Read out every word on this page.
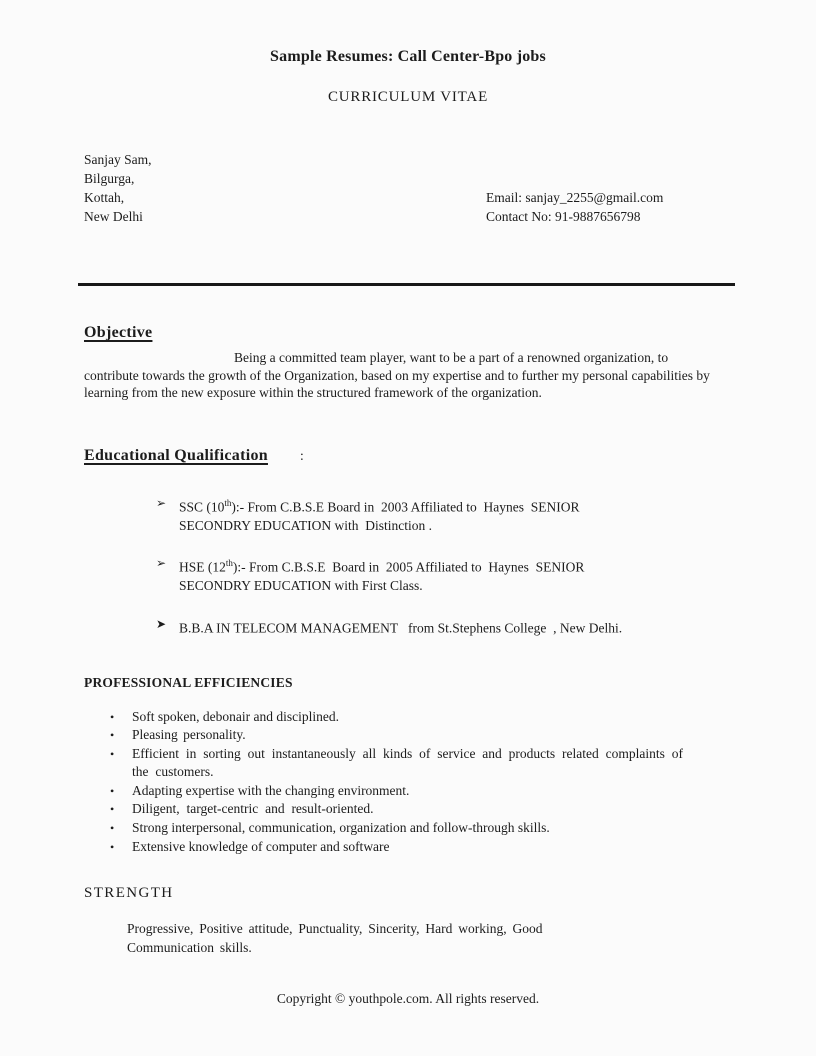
Sample Resumes: Call Center-Bpo jobs
CURRICULUM VITAE
Sanjay Sam,
Bilgurga,
Kottah,
New Delhi
Email: sanjay_2255@gmail.com
Contact No: 91-9887656798
Objective
Being a committed team player, want to be a part of a renowned organization, to contribute towards the growth of the Organization, based on my expertise and to further my personal capabilities by learning from the new exposure within the structured framework of the organization.
Educational Qualification :
➢ SSC (10th):- From C.B.S.E Board in  2003 Affiliated to  Haynes  SENIOR SECONDRY EDUCATION with  Distinction .
➢ HSE (12th):- From C.B.S.E  Board in  2005 Affiliated to  Haynes  SENIOR SECONDRY EDUCATION with First Class.
➤ B.B.A IN TELECOM MANAGEMENT   from St.Stephens College  , New Delhi.
PROFESSIONAL EFFICIENCIES
•	Soft spoken, debonair and disciplined.
•	Pleasing personality.
•	Efficient in sorting out instantaneously all kinds of service and products related complaints of the customers.
•	Adapting expertise with the changing environment.
•	Diligent, target-centric and result-oriented.
•	Strong interpersonal, communication, organization and follow-through skills.
•	Extensive knowledge of computer and software
STRENGTH
Progressive, Positive attitude, Punctuality, Sincerity, Hard working, Good Communication skills.
Copyright © youthpole.com. All rights reserved.
